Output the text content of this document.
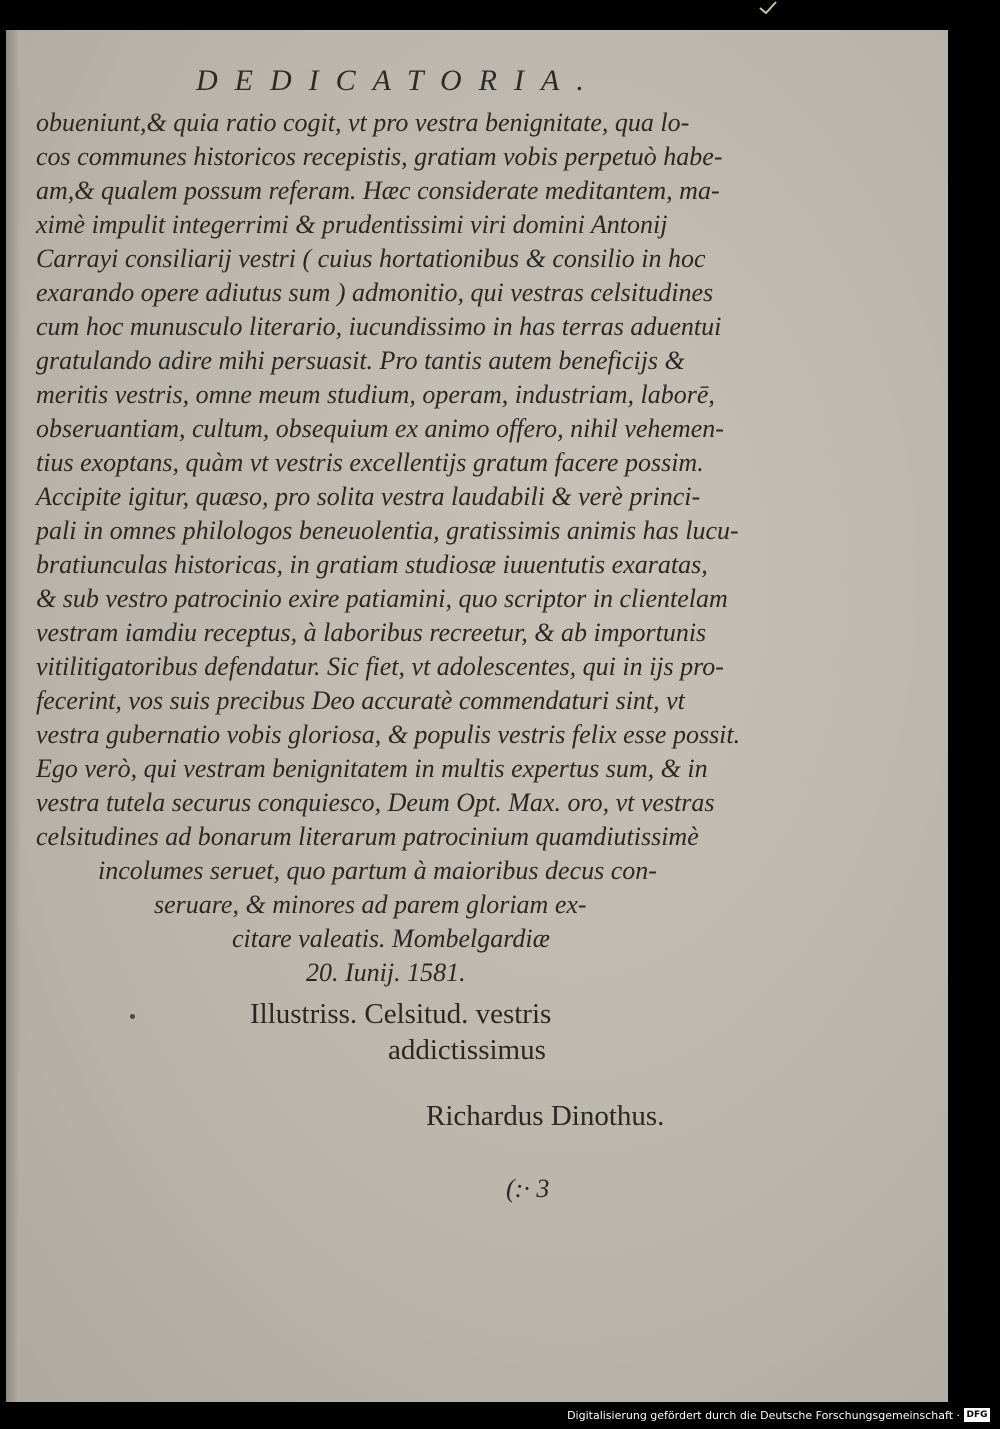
DEDICATORIA.
obueniunt,& quia ratio cogit, vt pro vestra benignitate, qua lo-
cos communes historicos recepistis, gratiam vobis perpetuò habe-
am,& qualem possum referam. Hæc considerate meditantem, ma-
ximè impulit integerrimi & prudentissimi viri domini Antonij
Carrayi consiliarij vestri ( cuius hortationibus & consilio in hoc
exarando opere adiutus sum ) admonitio, qui vestras celsitudines
cum hoc munusculo literario, iucundissimo in has terras aduentui
gratulando adire mihi persuasit. Pro tantis autem beneficijs &
meritis vestris, omne meum studium, operam, industriam, laborē,
obseruantiam, cultum, obsequium ex animo offero, nihil vehemen-
tius exoptans, quàm vt vestris excellentijs gratum facere possim.
Accipite igitur, quæso, pro solita vestra laudabili & verè princi-
pali in omnes philologos beneuolentia, gratissimis animis has lucu-
bratiunculas historicas, in gratiam studiosæ iuuentutis exaratas,
& sub vestro patrocinio exire patiamini, quo scriptor in clientelam
vestram iamdiu receptus, à laboribus recreetur, & ab importunis
vitilitigatoribus defendatur. Sic fiet, vt adolescentes, qui in ijs pro-
fecerint, vos suis precibus Deo accuratè commendaturi sint, vt
vestra gubernatio vobis gloriosa, & populis vestris felix esse possit.
Ego verò, qui vestram benignitatem in multis expertus sum, & in
vestra tutela securus conquiesco, Deum Opt. Max. oro, vt vestras
celsitudines ad bonarum literarum patrocinium quamdiutissimè
incolumes seruet, quo partum à maioribus decus con-
seruare, & minores ad parem gloriam ex-
citare valeatis. Mombelgardiæ
20. Iunij. 1581.
Illustriss. Celsitud. vestris
addictissimus
Richardus Dinothus.
(:· 3
Digitalisierung gefördert durch die Deutsche Forschungsgemeinschaft · DFG
